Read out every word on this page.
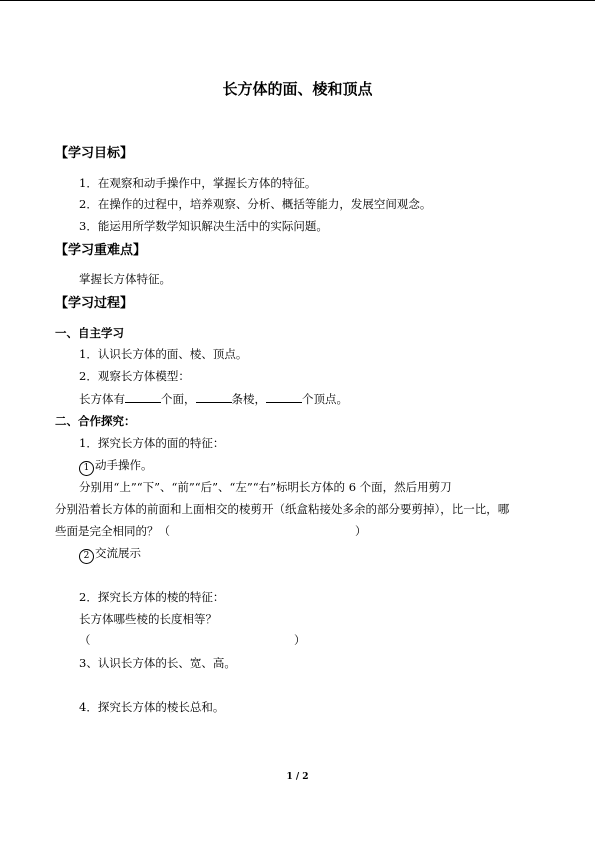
长方体的面、棱和顶点
【学习目标】
1．在观察和动手操作中，掌握长方体的特征。
2．在操作的过程中，培养观察、分析、概括等能力，发展空间观念。
3．能运用所学数学知识解决生活中的实际问题。
【学习重难点】
掌握长方体特征。
【学习过程】
一、自主学习
1．认识长方体的面、棱、顶点。
2．观察长方体模型：
长方体有	个面，	条棱，	个顶点。
二、合作探究：
1．探究长方体的面的特征：
1 动手操作。
分别用“上”“下”、“前”“后”、“左”“右”标明长方体的 6 个面，然后用剪刀
分别沿着长方体的前面和上面相交的棱剪开（纸盒粘接处多余的部分要剪掉），比一比，哪
些面是完全相同的？（	）
2 交流展示
2．探究长方体的棱的特征：
长方体哪些棱的长度相等？
（	）
3、认识长方体的长、宽、高。
4．探究长方体的棱长总和。
1 / 2
